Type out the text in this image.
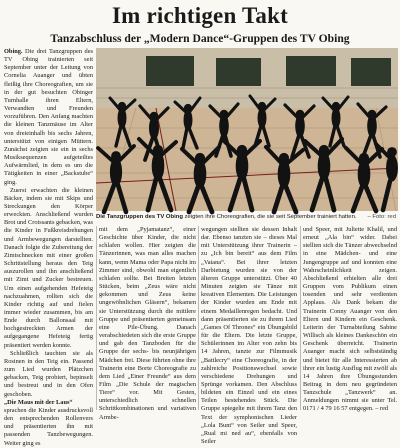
Im richtigen Takt
Tanzabschluss der „Modern Dance“-Gruppen des TV Obing

Obing. Die drei Tanzgruppen des TV Obing trainierten seit September unter der Leitung von Cornelia Auanger und übten fleißig ihre Choreografien, um sie in der gut besuchten Obinger Turnhalle ihren Eltern, Verwandten und Freunden vorzuführen. Den Anfang machten die kleinen Tanzmäuse im Alter von dreieinhalb bis sechs Jahren, unterstützt von einigen Müttern. Zunächst zeigten sie ein in sechs Musiksequenzen aufgeteiltes Aufwärmlied, in dem es um die Tätigkeiten in einer „Backstube“ ging.

Zuerst erwachten die kleinen Bäcker, indem sie mit Skips und Streckungen den Körper erweckten. Anschließend wurden Brot und Croissants gebacken, was die Kinder in Fußkreisdrehungen und Armbewegungen darstellten. Danach folgte die Zubereitung der Zimtschnecken mit einer großen Schrittstellung heraus den Teig auszurollen und ihn anschließend mit Zimt und Zucker bestreuen. Um einen aufgehenden Hefeteig nachzuahmen, rollten sich die Kinder richtig auf und fielen immer wieder zusammen, bis am Ende durch Ballonsaal mit hochgestreckten Armen der aufgegangene Hefeteig fertig präsentiert werden konnte.

Schließlich tauchten sie als Rosinen in den Teig ein. Passend zum Lied wurden Plätzchen gebacken, Teig probiert, bepinselt und bestreut und in den Ofen geschoben.

„Die Maus mit der Laus“

sprachen die Kinder ausdrucksvoll den entsprechenden Rollenvers und präsentierten ihn mit passenden Tanzbewegungen. Weiter ging es

Die Tanzgruppen des TV Obing zeigten ihre Choreografien, die sie seit September trainiert hatten. – Foto: red

mit dem „Pyjamatanz“, einer Geschichte über Kinder, die nicht schlafen wollen. Hier zeigten die Tänzerinnen, was man alles machen kann, wenn Mama oder Papa nicht im Zimmer sind, obwohl man eigentlich schlafen sollte. Bei Breiten letzten Stücken, beim „Zeus wäre nicht gekommen und Zeus keine ungewöhnlichen Gläsern“, bekamen sie Unterstützung durch die mittlere Gruppe und präsentierten gemeinsam eine Pile-Übung. Danach verabschiedeten sich die erste Gruppe und gab den Tanzboden für die Gruppe der sechs- bis neunjährigen Mädchen frei. Diese führten ohne ihre Trainerin eine Borte Choreografie zu dem Lied „Einer Freunde“ aus dem Film „Die Schule der magischen Tiere“ vor. Mit Gesten, unterschiedlich schnellen Schrittkombinationen und variativen Armbe-

wegungen stellten sie dessen Inhalt dar. Ebenso tanzten sie – dieses Mal mit Unterstützung ihrer Trainerin – zu „Ich bin bereit“ aus dem Film „Vaiana“. Bei ihrer letzten Darbietung wurden sie von der älteren Gruppe unterstützt. Über 40 Minuten zeigten sie Tänze mit kreativen Elementen. Die Leistungen der Kinder wurden am Ende mit einem Medaillenregen bedacht. Und dann präsentierten sie zu ihrem Lied „Games Of Thrones“ ein Übungsbild für die Eltern. Die letzte Gruppe, Schülerinnen im Alter von zehn bis 14 Jahren, tanzte zur Filmmusik „Battlecry“ eine Choreografie, in der zahlreiche Positionswechsel sowie verschiedene Drehungen und Sprünge vorkamen. Den Abschluss bildeten ein Einzel und ein eines Teilen bestehendes Stück. Die Gruppe spiegelte mit ihrem Tanz den Text der symphonischen Lieder „Lola Bunt“ von Seiler und Speer, „Rual mi ned au“, ebenfalls von Seiler

und Speer, mit Juliette Khalil, und erneut „Ala bin“ wider. Dabei stellten sich die Tänzer abwechselnd in eine Mädchen- und eine Jungengruppe auf und konnten eine Wahrscheinlichkeit zeigen. Abschließend erhielten alle drei Gruppen vom Publikum einen tosenden und sehr verdienten Applaus. Als Dank bekam die Trainerin Conny Auanger von den Eltern und Kindern ein Geschenk. Leiterin der Turnabteilung Sabine Willisch als kleines Dankeschön ein Geschenk überreicht. Trainerin Auanger macht sich selbstständig und bietet für alle Interessierten ab ihrer ein lustig Ausflug mit zwölf als 14 Jahren ihre Übungsstunden Beitrag in dem neu gegründeten Tanzschule „Tanzwerk“ an. Anmeldungen nimmt sie unter Tel. 0171 / 4 79 16 57 entgegen. – red
